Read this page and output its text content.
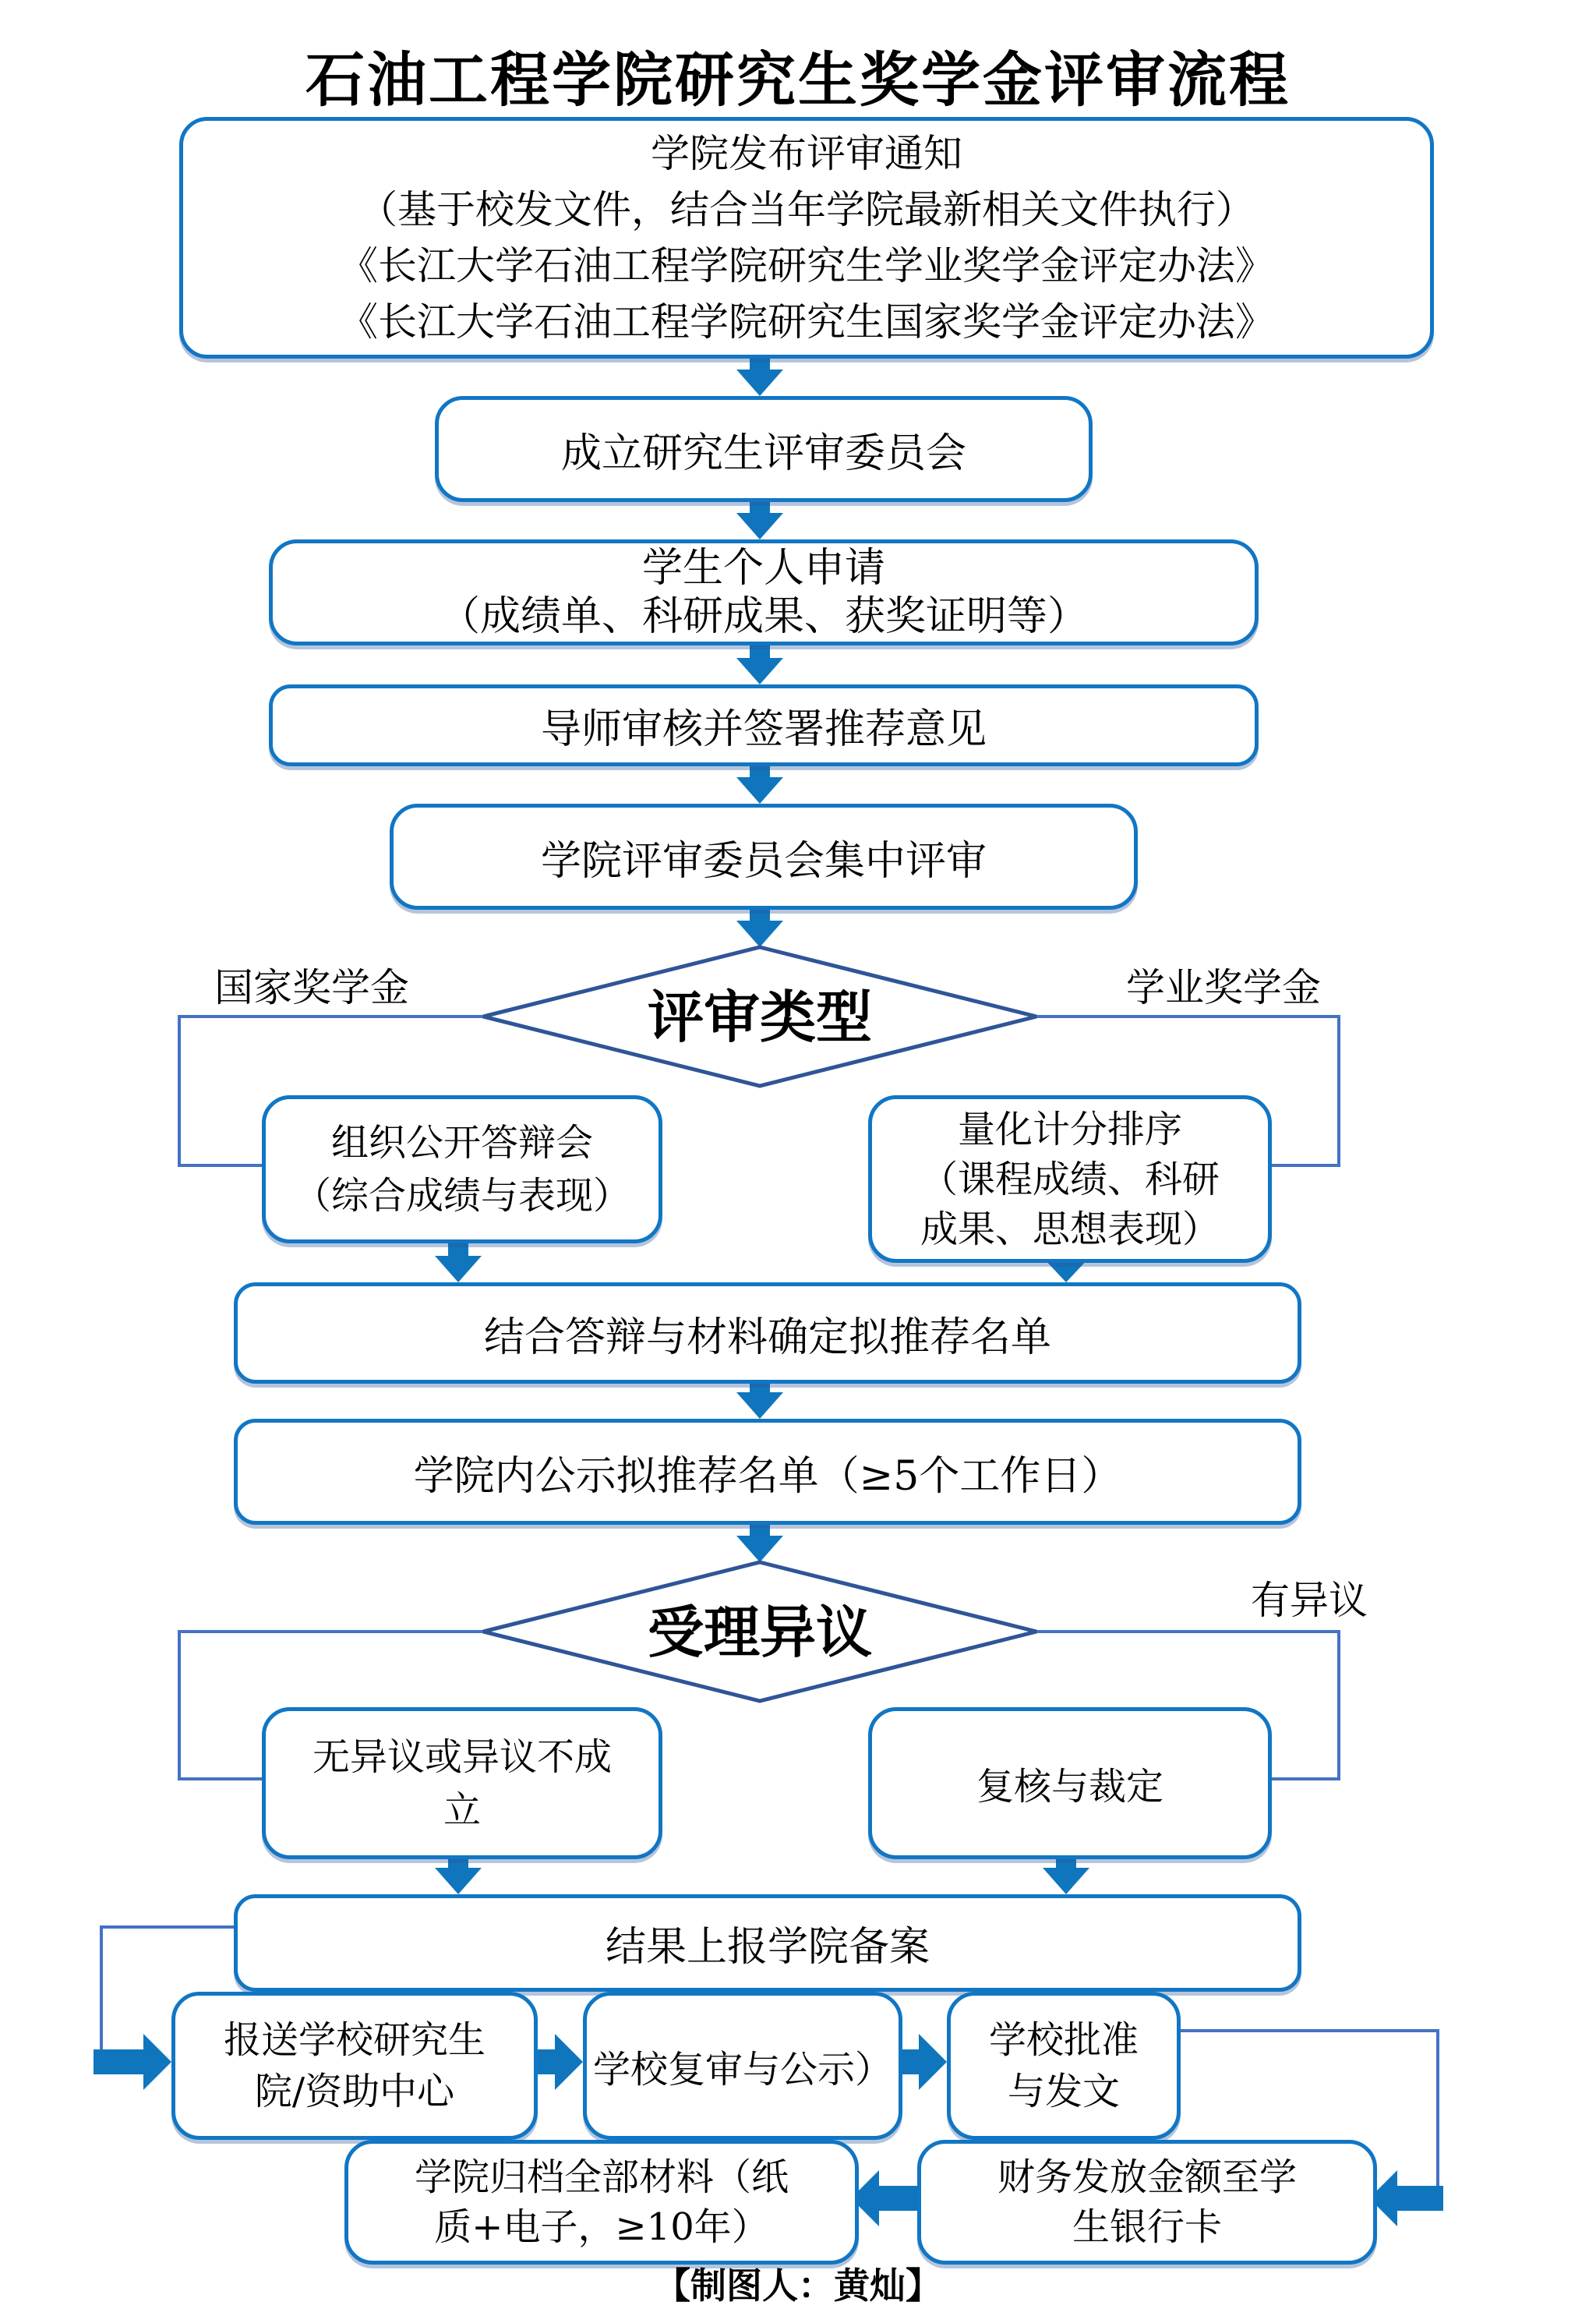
石油工程学院研究生奖学金评审流程
学院发布评审通知
（基于校发文件，结合当年学院最新相关文件执行）
《长江大学石油工程学院研究生学业奖学金评定办法》
《长江大学石油工程学院研究生国家奖学金评定办法》
成立研究生评审委员会
学生个人申请
（成绩单、科研成果、获奖证明等）
导师审核并签署推荐意见
学院评审委员会集中评审
评审类型
国家奖学金	学业奖学金
组织公开答辩会
（综合成绩与表现）
量化计分排序
（课程成绩、科研
成果、思想表现）
结合答辩与材料确定拟推荐名单
学院内公示拟推荐名单（≥5个工作日）
受理异议
有异议
无异议或异议不成
立
复核与裁定
结果上报学院备案
报送学校研究生
院/资助中心
学校复审与公示）
学校批准
与发文
学院归档全部材料（纸
质+电子，≥10年）
财务发放金额至学
生银行卡
【制图人：黄灿】
